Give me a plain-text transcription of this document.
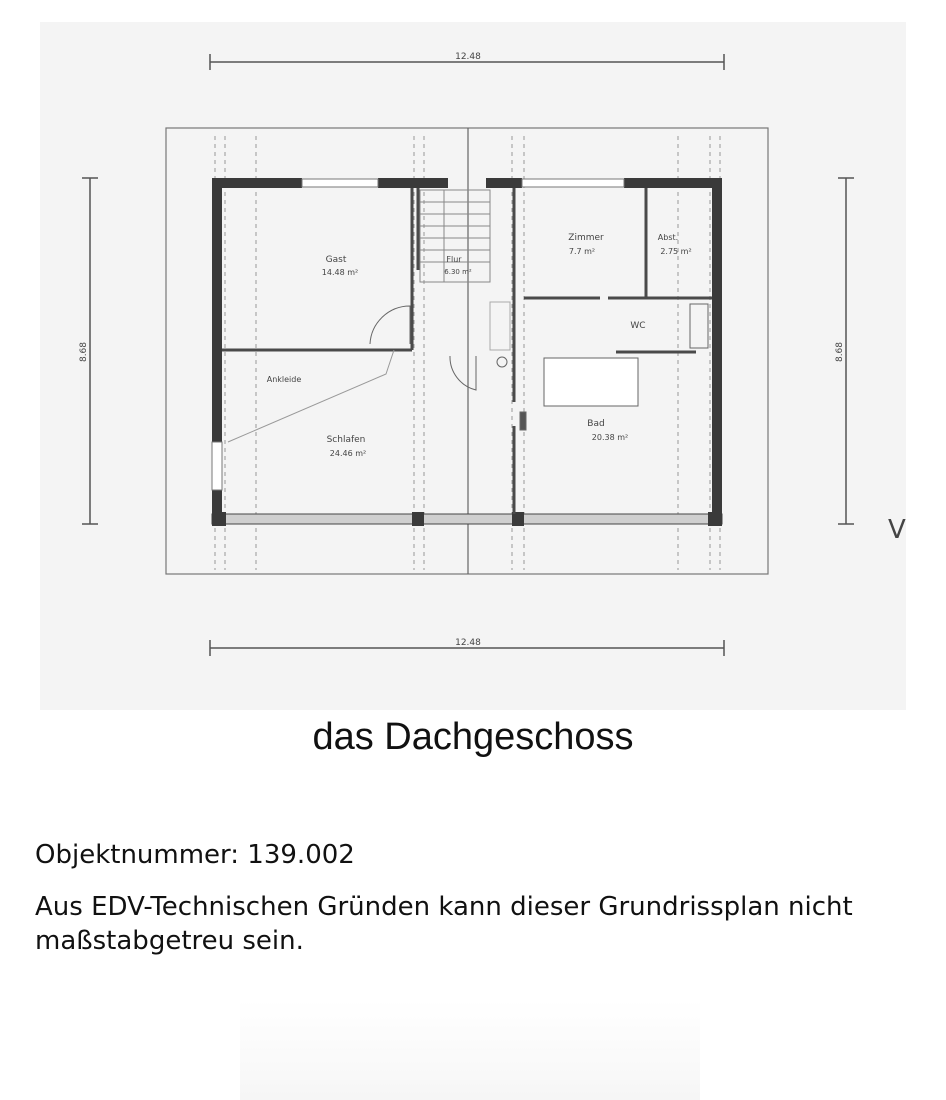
12.48
8.68	8.68
V
12.48
Gast
14.48 m²
Flur
6.30 m²
Zimmer
7.7 m²
Abst.
2.75 m²
WC
Ankleide
Schlafen
24.46 m²
Bad
20.38 m²
das Dachgeschoss

Objektnummer: 139.002

Aus EDV-Technischen Gründen kann dieser Grundrissplan nicht maßstabgetreu sein.
